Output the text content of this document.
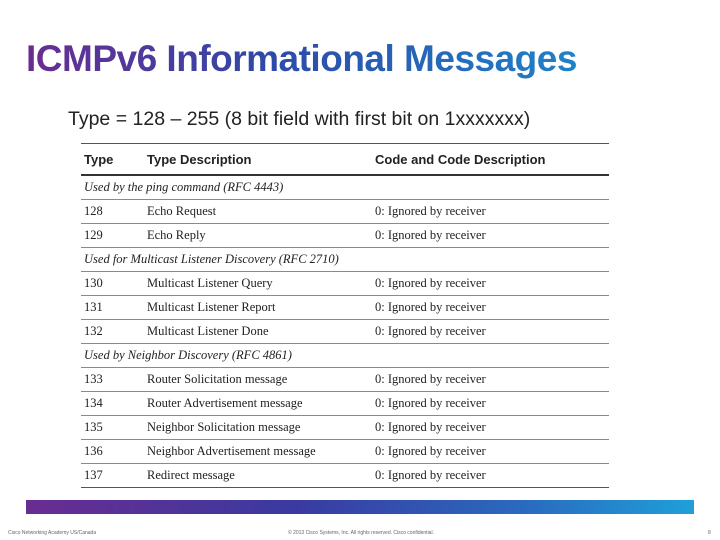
ICMPv6 Informational Messages
Type = 128 – 255 (8 bit field with first bit on 1xxxxxxx)
Type	Type Description	Code and Code Description
Used by the ping command (RFC 4443)		
128	Echo Request	0: Ignored by receiver
129	Echo Reply	0: Ignored by receiver
Used for Multicast Listener Discovery (RFC 2710)		
130	Multicast Listener Query	0: Ignored by receiver
131	Multicast Listener Report	0: Ignored by receiver
132	Multicast Listener Done	0: Ignored by receiver
Used by Neighbor Discovery (RFC 4861)		
133	Router Solicitation message	0: Ignored by receiver
134	Router Advertisement message	0: Ignored by receiver
135	Neighbor Solicitation message	0: Ignored by receiver
136	Neighbor Advertisement message	0: Ignored by receiver
137	Redirect message	0: Ignored by receiver
Cisco Networking Academy US/Canada	© 2013 Cisco Systems, Inc. All rights reserved. Cisco confidential.	8
